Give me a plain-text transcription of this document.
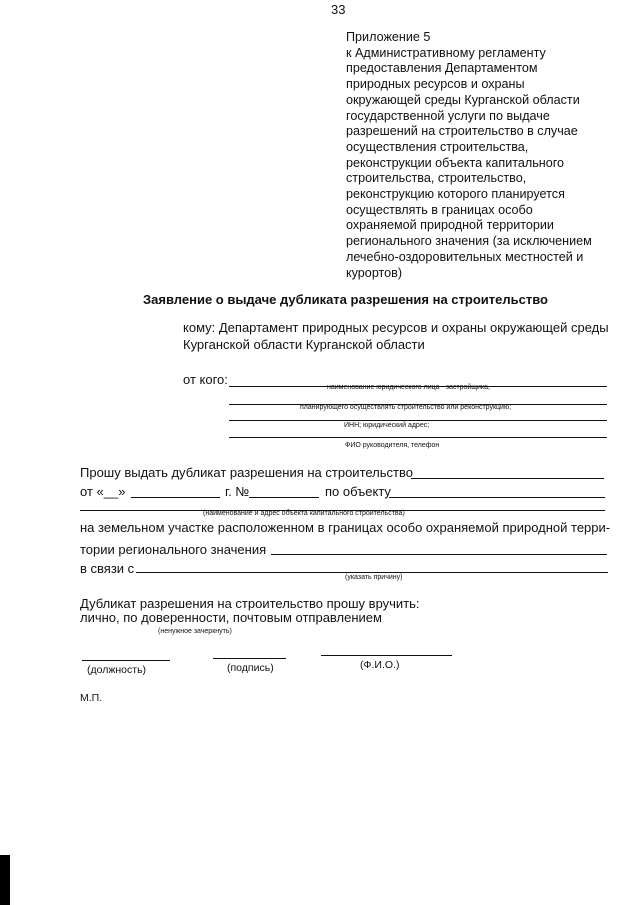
33
Приложение 5
к Административному регламенту
предоставления Департаментом
природных ресурсов и охраны
окружающей среды Курганской области
государственной услуги по выдаче
разрешений на строительство в случае
осуществления строительства,
реконструкции объекта капитального
строительства, строительство,
реконструкцию которого планируется
осуществлять в границах особо
охраняемой природной территории
регионального значения (за исключением
лечебно-оздоровительных местностей и
курортов)
Заявление о выдаче дубликата разрешения на строительство
кому: Департамент природных ресурсов и охраны окружающей среды
Курганской области Курганской области
от кого:
наименование юридического лица - застройщика,
планирующего осуществлять строительство или реконструкцию;
ИНН; юридический адрес;
ФИО руководителя, телефон
Прошу выдать дубликат разрешения на строительство
от «__»	г. №	по объекту
(наименование и адрес объекта капитального строительства)
на земельном участке расположенном в границах особо охраняемой природной терри-
тории регионального значения
в связи с
(указать причину)
Дубликат разрешения на строительство прошу вручить:
лично, по доверенности, почтовым отправлением
(ненужное зачеркнуть)
(должность)	(подпись)	(Ф.И.О.)
М.П.
